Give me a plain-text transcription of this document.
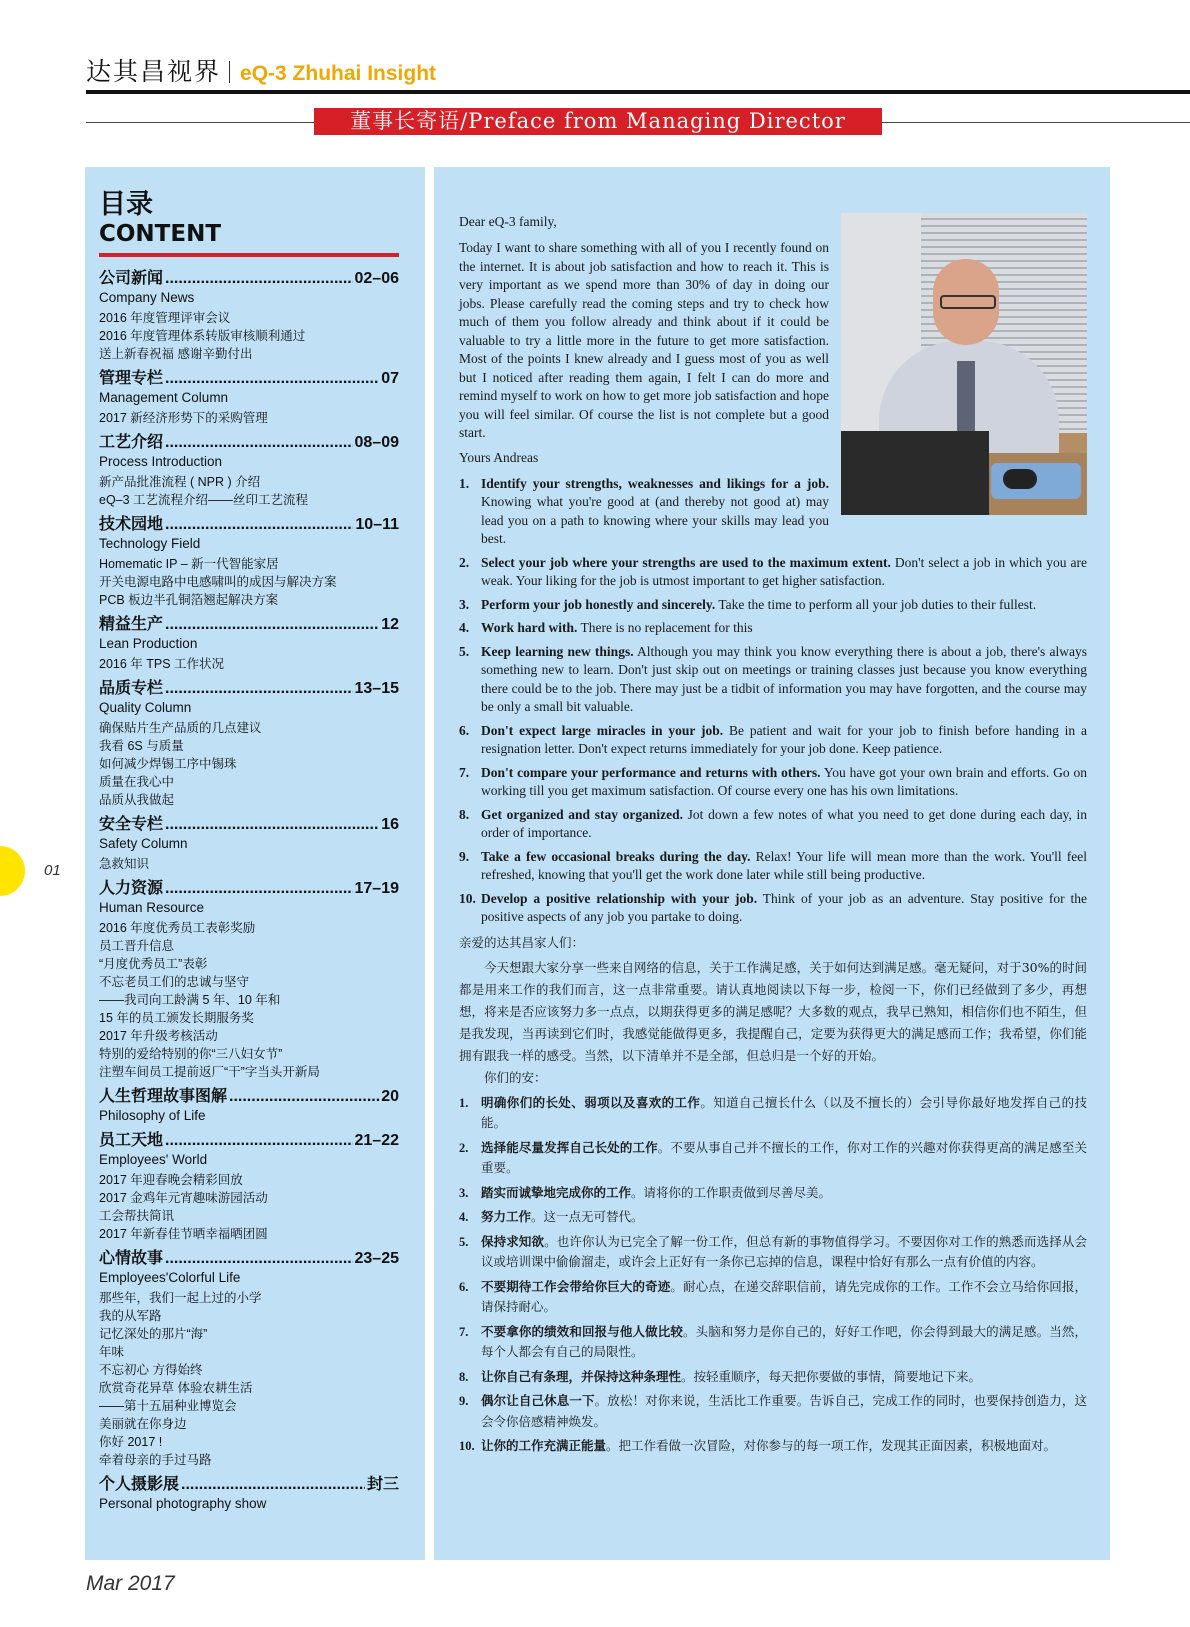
达其昌视界 eQ-3 Zhuhai Insight
董事长寄语/Preface from Managing Director
目录
CONTENT
公司新闻 .....	02–06
Company News
2016 年度管理评审会议
2016 年度管理体系转版审核顺利通过
送上新春祝福 感谢辛勤付出
管理专栏 .....	07
Management Column
2017 新经济形势下的采购管理
工艺介绍 .....	08–09
Process Introduction
新产品批准流程 ( NPR ) 介绍
eQ–3 工艺流程介绍——丝印工艺流程
技术园地 .....	10–11
Technology Field
Homematic IP – 新一代智能家居
开关电源电路中电感啸叫的成因与解决方案
PCB 板边半孔铜箔翘起解决方案
精益生产 .....	12
Lean Production
2016 年 TPS 工作状况
品质专栏 .....	13–15
Quality Column
确保贴片生产品质的几点建议
我看 6S 与质量
如何减少焊锡工序中锡珠
质量在我心中
品质从我做起
安全专栏 .....	16
Safety Column
急救知识
人力资源 .....	17–19
Human Resource
2016 年度优秀员工表彰奖励
员工晋升信息
“月度优秀员工”表彰
不忘老员工们的忠诚与坚守
——我司向工龄满 5 年、10 年和
15 年的员工颁发长期服务奖
2017 年升级考核活动
特别的爱给特别的你“三八妇女节”
注塑车间员工提前返厂“干”字当头开新局
人生哲理故事图解 .....	20
Philosophy of Life
员工天地 .....	21–22
Employees' World
2017 年迎春晚会精彩回放
2017 金鸡年元宵趣味游园活动
工会帮扶简讯
2017 年新春佳节晒幸福晒团圆
心情故事 .....	23–25
Employees'Colorful Life
那些年，我们一起上过的小学
我的从军路
记忆深处的那片“海”
年味
不忘初心 方得始终
欣赏奇花异草 体验农耕生活
——第十五届种业博览会
美丽就在你身边
你好 2017 !
牵着母亲的手过马路
个人摄影展 .....	封三
Personal photography show
Dear eQ-3 family,
Today I want to share something with all of you I recently found on the internet. It is about job satisfaction and how to reach it. This is very important as we spend more than 30% of day in doing our jobs. Please carefully read the coming steps and try to check how much of them you follow already and think about if it could be valuable to try a little more in the future to get more satisfaction. Most of the points I knew already and I guess most of you as well but I noticed after reading them again, I felt I can do more and remind myself to work on how to get more job satisfaction and hope you will feel similar. Of course the list is not complete but a good start.
Yours Andreas
1. Identify your strengths, weaknesses and likings for a job. Knowing what you're good at (and thereby not good at) may lead you on a path to knowing where your skills may lead you best.
2. Select your job where your strengths are used to the maximum extent. Don't select a job in which you are weak. Your liking for the job is utmost important to get higher satisfaction.
3. Perform your job honestly and sincerely. Take the time to perform all your job duties to their fullest.
4. Work hard with. There is no replacement for this
5. Keep learning new things. Although you may think you know everything there is about a job, there's always something new to learn. Don't just skip out on meetings or training classes just because you know everything there could be to the job. There may just be a tidbit of information you may have forgotten, and the course may be only a small bit valuable.
6. Don't expect large miracles in your job. Be patient and wait for your job to finish before handing in a resignation letter. Don't expect returns immediately for your job done. Keep patience.
7. Don't compare your performance and returns with others. You have got your own brain and efforts. Go on working till you get maximum satisfaction. Of course every one has his own limitations.
8. Get organized and stay organized. Jot down a few notes of what you need to get done during each day, in order of importance.
9. Take a few occasional breaks during the day. Relax! Your life will mean more than the work. You'll feel refreshed, knowing that you'll get the work done later while still being productive.
10. Develop a positive relationship with your job. Think of your job as an adventure. Stay positive for the positive aspects of any job you partake to doing.
亲爱的达其昌家人们：
今天想跟大家分享一些来自网络的信息，关于工作满足感，关于如何达到满足感。毫无疑问，对于30%的时间都是用来工作的我们而言，这一点非常重要。请认真地阅读以下每一步，检阅一下，你们已经做到了多少，再想想，将来是否应该努力多一点点，以期获得更多的满足感呢？大多数的观点，我早已熟知，相信你们也不陌生，但是我发现，当再读到它们时，我感觉能做得更多，我提醒自己，定要为获得更大的满足感而工作；我希望，你们能拥有跟我一样的感受。当然，以下清单并不是全部，但总归是一个好的开始。
你们的安：
1. 明确你们的长处、弱项以及喜欢的工作。知道自己擅长什么（以及不擅长的）会引导你最好地发挥自己的技能。
2. 选择能尽量发挥自己长处的工作。不要从事自己并不擅长的工作，你对工作的兴趣对你获得更高的满足感至关重要。
3. 踏实而诚挚地完成你的工作。请将你的工作职责做到尽善尽美。
4. 努力工作。这一点无可替代。
5. 保持求知欲。也许你认为已完全了解一份工作，但总有新的事物值得学习。不要因你对工作的熟悉而选择从会议或培训课中偷偷溜走，或许会上正好有一条你已忘掉的信息，课程中恰好有那么一点有价值的内容。
6. 不要期待工作会带给你巨大的奇迹。耐心点，在递交辞职信前，请先完成你的工作。工作不会立马给你回报，请保持耐心。
7. 不要拿你的绩效和回报与他人做比较。头脑和努力是你自己的，好好工作吧，你会得到最大的满足感。当然，每个人都会有自己的局限性。
8. 让你自己有条理，并保持这种条理性。按轻重顺序，每天把你要做的事情，简要地记下来。
9. 偶尔让自己休息一下。放松！对你来说，生活比工作重要。告诉自己，完成工作的同时，也要保持创造力，这会令你倍感精神焕发。
10. 让你的工作充满正能量。把工作看做一次冒险，对你参与的每一项工作，发现其正面因素，积极地面对。
01
Mar 2017
